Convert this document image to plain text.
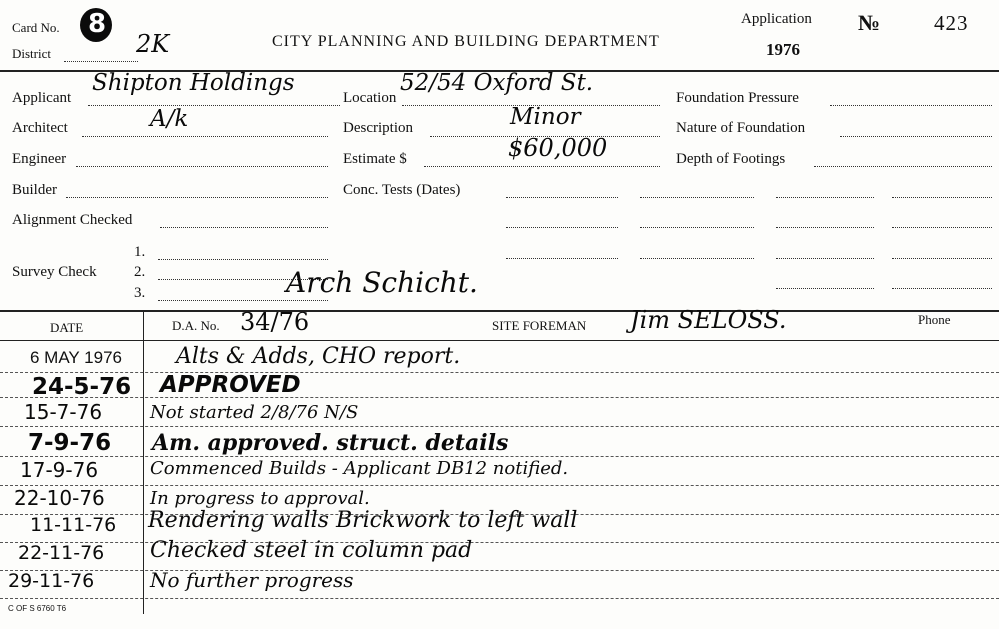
Card No. 8
District	2K	CITY PLANNING AND BUILDING DEPARTMENT
Application
1976
№	423
Applicant
Shipton Holdings
Architect	A/k
Engineer
Builder
Alignment Checked
Survey Check
1.
2.
3.	Arch Schicht.
Location
52/54 Oxford St.
Description	Minor
Estimate $	$60,000
Conc. Tests (Dates)
Foundation Pressure
Nature of Foundation
Depth of Footings
DATE	D.A. No. 34/76	SITE FOREMAN Jim SELOSS.	Phone
6 MAY 1976 Alts & Adds, CHO report.
24-5-76 APPROVED
15-7-76	Not started 2/8/76 N/S
7-9-76 Am. approved. struct. details
17-9-76	Commenced Builds - Applicant DB12 notified.
22-10-76	In progress to approval.
11-11-76 Rendering walls Brickwork to left wall
22-11-76 Checked steel in column pad
29-11-76	No further progress
C OF S 6760 T6
